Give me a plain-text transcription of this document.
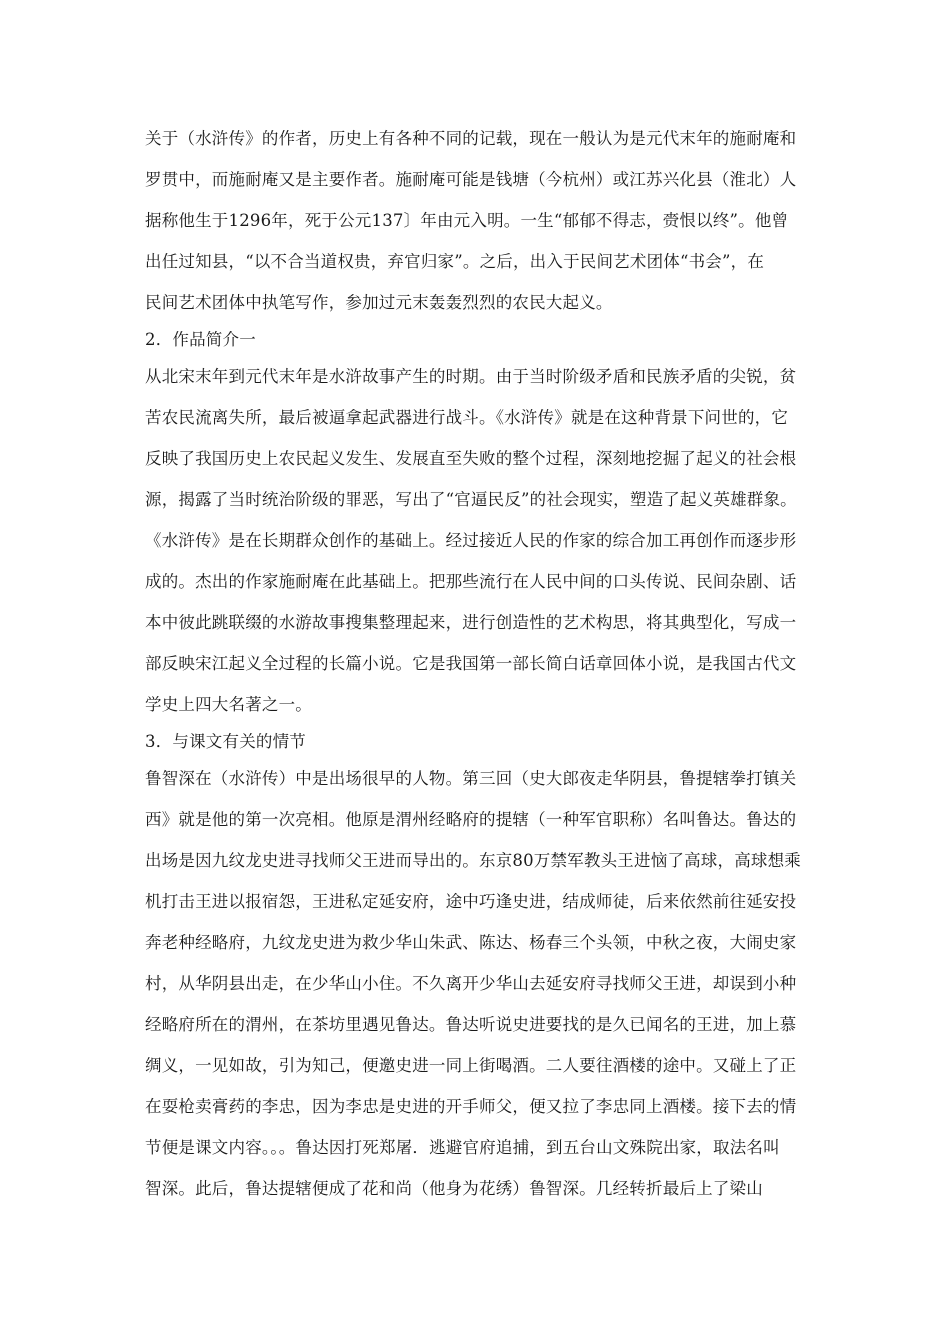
关于（水浒传》的作者，历史上有各种不同的记载，现在一般认为是元代末年的施耐庵和
罗贯中，而施耐庵又是主要作者。施耐庵可能是钱塘（今杭州）或江苏兴化县（淮北）人
据称他生于1296年，死于公元137〕年由元入明。一生“郁郁不得志，赍恨以终”。他曾
出任过知县，“以不合当道权贵，弃官归家”。之后，出入于民间艺术团体“书会”，在
民间艺术团体中执笔写作，参加过元末轰轰烈烈的农民大起义。
2．作品简介一
从北宋末年到元代末年是水浒故事产生的时期。由于当时阶级矛盾和民族矛盾的尖锐，贫
苦农民流离失所，最后被逼拿起武器进行战斗。《水浒传》就是在这种背景下问世的，它
反映了我国历史上农民起义发生、发展直至失败的整个过程，深刻地挖掘了起义的社会根
源，揭露了当时统治阶级的罪恶，写出了“官逼民反”的社会现实，塑造了起义英雄群象。
《水浒传》是在长期群众创作的基础上。经过接近人民的作家的综合加工再创作而逐步形
成的。杰出的作家施耐庵在此基础上。把那些流行在人民中间的口头传说、民间杂剧、话
本中彼此跳联缀的水游故事搜集整理起来，进行创造性的艺术构思，将其典型化，写成一
部反映宋江起义全过程的长篇小说。它是我国第一部长简白话章回体小说，是我国古代文
学史上四大名著之一。
3．与课文有关的情节
鲁智深在（水浒传）中是出场很早的人物。第三回（史大郎夜走华阴县，鲁提辖拳打镇关
西》就是他的第一次亮相。他原是渭州经略府的提辖（一种军官职称）名叫鲁达。鲁达的
出场是因九纹龙史进寻找师父王进而导出的。东京80万禁军教头王进恼了高球，高球想乘
机打击王进以报宿怨，王进私定延安府，途中巧逢史进，结成师徒，后来依然前往延安投
奔老种经略府，九纹龙史进为救少华山朱武、陈达、杨春三个头领，中秋之夜，大闹史家
村，从华阴县出走，在少华山小住。不久离开少华山去延安府寻找师父王进，却误到小种
经略府所在的渭州，在茶坊里遇见鲁达。鲁达听说史进要找的是久已闻名的王进，加上慕
绸义，一见如故，引为知己，便邀史进一同上街喝酒。二人要往酒楼的途中。又碰上了正
在耍枪卖膏药的李忠，因为李忠是史进的开手师父，便又拉了李忠同上酒楼。接下去的情
节便是课文内容。。。鲁达因打死郑屠．逃避官府追捕，到五台山文殊院出家，取法名叫
智深。此后，鲁达提辖便成了花和尚（他身为花绣）鲁智深。几经转折最后上了梁山
